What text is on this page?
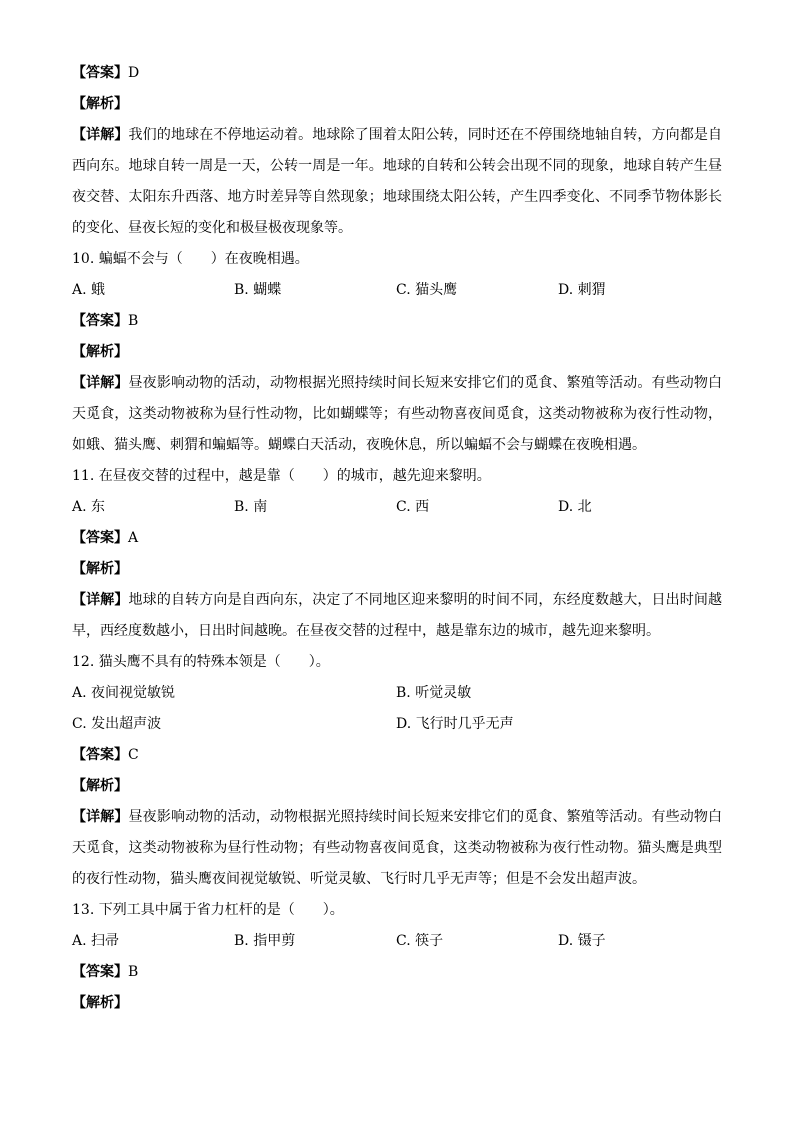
【答案】D
【解析】
【详解】我们的地球在不停地运动着。地球除了围着太阳公转，同时还在不停围绕地轴自转，方向都是自西向东。地球自转一周是一天，公转一周是一年。地球的自转和公转会出现不同的现象，地球自转产生昼夜交替、太阳东升西落、地方时差异等自然现象；地球围绕太阳公转，产生四季变化、不同季节物体影长的变化、昼夜长短的变化和极昼极夜现象等。
10. 蝙蝠不会与（　　）在夜晚相遇。
A. 蛾	B. 蝴蝶	C. 猫头鹰	D. 刺猬
【答案】B
【解析】
【详解】昼夜影响动物的活动，动物根据光照持续时间长短来安排它们的觅食、繁殖等活动。有些动物白天觅食，这类动物被称为昼行性动物，比如蝴蝶等；有些动物喜夜间觅食，这类动物被称为夜行性动物，如蛾、猫头鹰、刺猬和蝙蝠等。蝴蝶白天活动，夜晚休息，所以蝙蝠不会与蝴蝶在夜晚相遇。
11. 在昼夜交替的过程中，越是靠（　　）的城市，越先迎来黎明。
A. 东	B. 南	C. 西	D. 北
【答案】A
【解析】
【详解】地球的自转方向是自西向东，决定了不同地区迎来黎明的时间不同，东经度数越大，日出时间越早，西经度数越小，日出时间越晚。在昼夜交替的过程中，越是靠东边的城市，越先迎来黎明。
12. 猫头鹰不具有的特殊本领是（　　）。
A. 夜间视觉敏锐	B. 听觉灵敏
C. 发出超声波	D. 飞行时几乎无声
【答案】C
【解析】
【详解】昼夜影响动物的活动，动物根据光照持续时间长短来安排它们的觅食、繁殖等活动。有些动物白天觅食，这类动物被称为昼行性动物；有些动物喜夜间觅食，这类动物被称为夜行性动物。猫头鹰是典型的夜行性动物，猫头鹰夜间视觉敏锐、听觉灵敏、飞行时几乎无声等；但是不会发出超声波。
13. 下列工具中属于省力杠杆的是（　　）。
A. 扫帚	B. 指甲剪	C. 筷子	D. 镊子
【答案】B
【解析】
